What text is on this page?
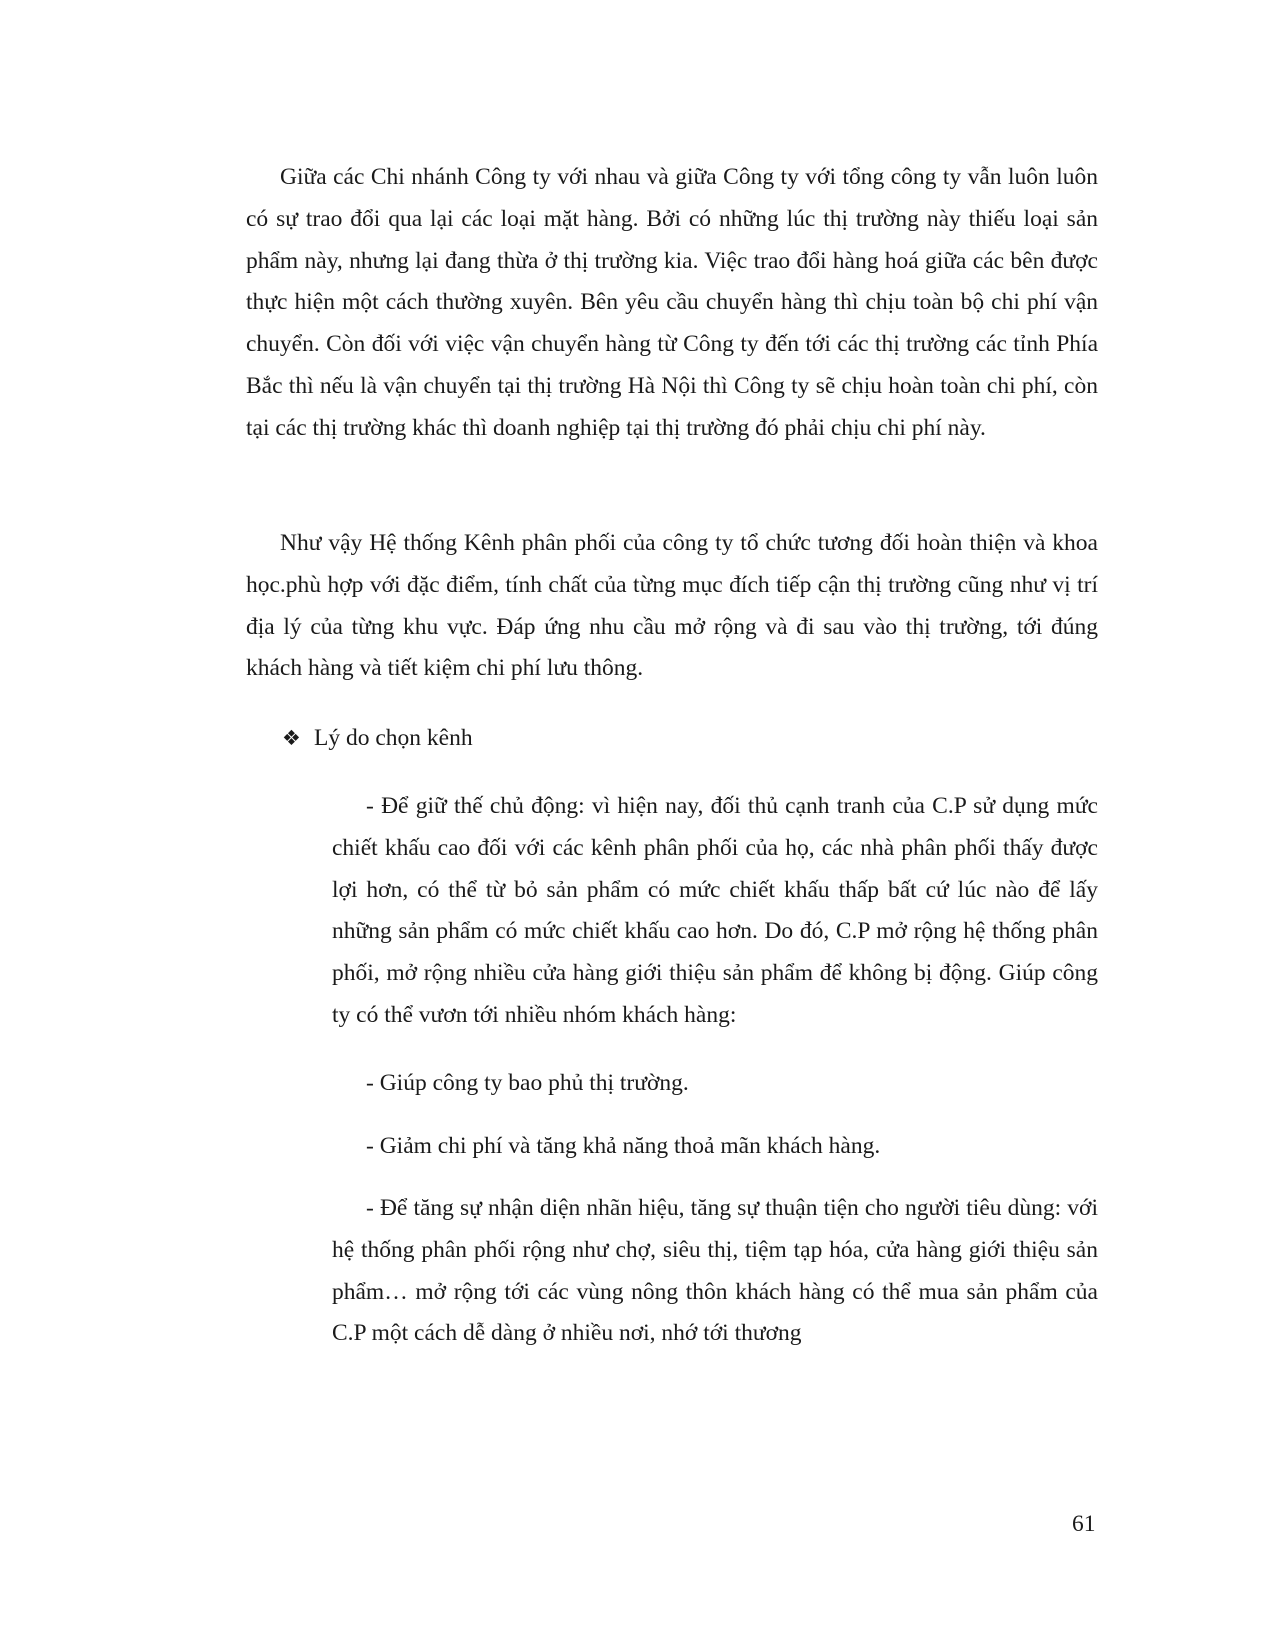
Giữa các Chi nhánh Công ty với nhau và giữa Công ty với tổng công ty vẫn luôn luôn có sự trao đổi qua lại các loại mặt hàng. Bởi có những lúc thị trường này thiếu loại sản phẩm này, nhưng lại đang thừa ở thị trường kia. Việc trao đổi hàng hoá giữa các bên được thực hiện một cách thường xuyên. Bên yêu cầu chuyển hàng thì chịu toàn bộ chi phí vận chuyển. Còn đối với việc vận chuyển hàng từ Công ty đến tới các thị trường các tỉnh Phía Bắc thì nếu là vận chuyển tại thị trường Hà Nội thì Công ty sẽ chịu hoàn toàn chi phí, còn tại các thị trường khác thì doanh nghiệp tại thị trường đó phải chịu chi phí này.

Như vậy Hệ thống Kênh phân phối của công ty tổ chức tương đối hoàn thiện và khoa học.phù hợp với đặc điểm, tính chất của từng mục đích tiếp cận thị trường cũng như vị trí địa lý của từng khu vực. Đáp ứng nhu cầu mở rộng và đi sau vào thị trường, tới đúng khách hàng và tiết kiệm chi phí lưu thông.

❖ Lý do chọn kênh

- Để giữ thế chủ động: vì hiện nay, đối thủ cạnh tranh của C.P sử dụng mức chiết khấu cao đối với các kênh phân phối của họ, các nhà phân phối thấy được lợi hơn, có thể từ bỏ sản phẩm có mức chiết khấu thấp bất cứ lúc nào để lấy những sản phẩm có mức chiết khấu cao hơn. Do đó, C.P mở rộng hệ thống phân phối, mở rộng nhiều cửa hàng giới thiệu sản phẩm để không bị động. Giúp công ty có thể vươn tới nhiều nhóm khách hàng:

- Giúp công ty bao phủ thị trường.

- Giảm chi phí và tăng khả năng thoả mãn khách hàng.

- Để tăng sự nhận diện nhãn hiệu, tăng sự thuận tiện cho người tiêu dùng: với hệ thống phân phối rộng như chợ, siêu thị, tiệm tạp hóa, cửa hàng giới thiệu sản phẩm… mở rộng tới các vùng nông thôn khách hàng có thể mua sản phẩm của C.P một cách dễ dàng ở nhiều nơi, nhớ tới thương

61
